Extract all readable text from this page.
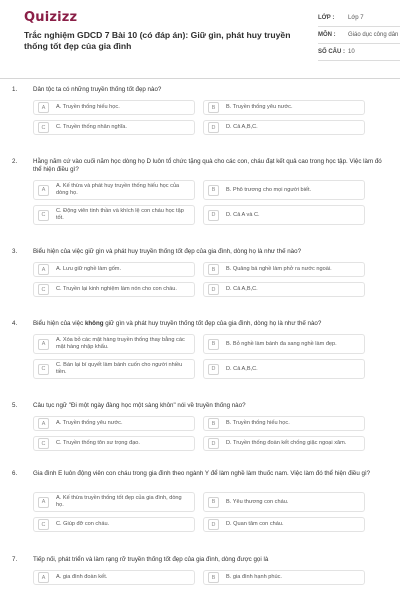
Quizizz
Trắc nghiệm GDCD 7 Bài 10 (có đáp án): Giữ gìn, phát huy truyền thống tốt đẹp của gia đình
LỚP :	Lớp 7
MÔN :	Giáo dục công dân
SỐ CÂU : 10
1.	Dân tộc ta có những truyền thống tốt đẹp nào?
A	A. Truyền thống hiếu học.	B	B. Truyền thống yêu nước.
C	C. Truyền thống nhân nghĩa.	D	D. Cả A,B,C.
2.	Hằng năm cứ vào cuối năm học dòng họ D luôn tổ chức tặng quà cho các con, cháu đạt kết quả cao trong học tập. Việc làm đó thể hiện điều gì?
A
A. Kế thừa và phát huy truyền thống hiếu học của dòng họ.	B	B. Phô trương cho mọi người biết.
C
C. Động viên tinh thần và khích lệ con cháu học tập tốt.	D	D. Cả A và C.
3.	Biểu hiện của việc giữ gìn và phát huy truyền thống tốt đẹp của gia đình, dòng họ là như thế nào?
A	A. Lưu giữ nghề làm gốm.	B	B. Quảng bá nghề làm phở ra nước ngoài.
C	C. Truyền lại kinh nghiệm làm nón cho con cháu.	D	D. Cả A,B,C.
4.	Biểu hiện của việc không giữ gìn và phát huy truyền thống tốt đẹp của gia đình, dòng họ là như thế nào?
A
A. Xóa bỏ các mặt hàng truyền thống thay bằng các mặt hàng nhập khẩu.	B	B. Bỏ nghề làm bánh đa sang nghề làm đẹp.
C
C. Bán lại bí quyết làm bánh cuốn cho người nhiều tiền.	D	D. Cả A,B,C.
5.	Câu tục ngữ "Đi một ngày đàng học một sàng khôn" nói về truyền thống nào?
A	A. Truyền thống yêu nước.	B	B. Truyền thống hiếu học.
C	C. Truyền thống tôn sư trọng đạo.	D	D. Truyền thống đoàn kết chống giặc ngoại xâm.
6.	Gia đình E luôn động viên con cháu trong gia đình theo ngành Y để làm nghề làm thuốc nam. Việc làm đó thể hiện điều gì?
A
A. Kế thừa truyền thống tốt đẹp của gia đình, dòng họ.	B	B. Yêu thương con cháu.
C	C. Giúp đỡ con cháu.	D	D. Quan tâm con cháu.
7.	Tiếp nối, phát triển và làm rạng rỡ truyền thống tốt đẹp của gia đình, dòng được gọi là
A	A. gia đình đoàn kết.	B	B. gia đình hạnh phúc.
